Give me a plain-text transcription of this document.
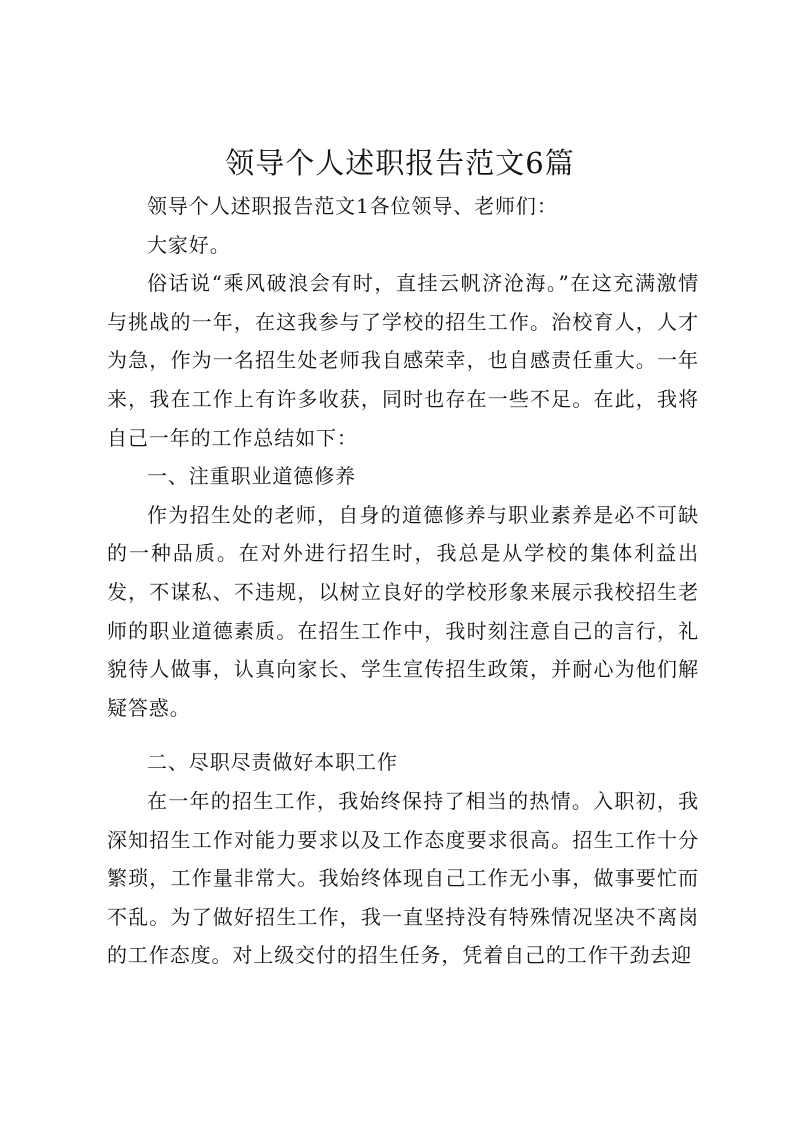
领导个人述职报告范文6篇

领导个人述职报告范文1各位领导、老师们：

大家好。

俗话说“乘风破浪会有时，直挂云帆济沧海。”在这充满激情与挑战的一年，在这我参与了学校的招生工作。治校育人，人才为急，作为一名招生处老师我自感荣幸，也自感责任重大。一年来，我在工作上有许多收获，同时也存在一些不足。在此，我将自己一年的工作总结如下：

一、注重职业道德修养

作为招生处的老师，自身的道德修养与职业素养是必不可缺的一种品质。在对外进行招生时，我总是从学校的集体利益出发，不谋私、不违规，以树立良好的学校形象来展示我校招生老师的职业道德素质。在招生工作中，我时刻注意自己的言行，礼貌待人做事，认真向家长、学生宣传招生政策，并耐心为他们解疑答惑。

二、尽职尽责做好本职工作

在一年的招生工作，我始终保持了相当的热情。入职初，我深知招生工作对能力要求以及工作态度要求很高。招生工作十分繁琐，工作量非常大。我始终体现自己工作无小事，做事要忙而不乱。为了做好招生工作，我一直坚持没有特殊情况坚决不离岗的工作态度。对上级交付的招生任务，凭着自己的工作干劲去迎
